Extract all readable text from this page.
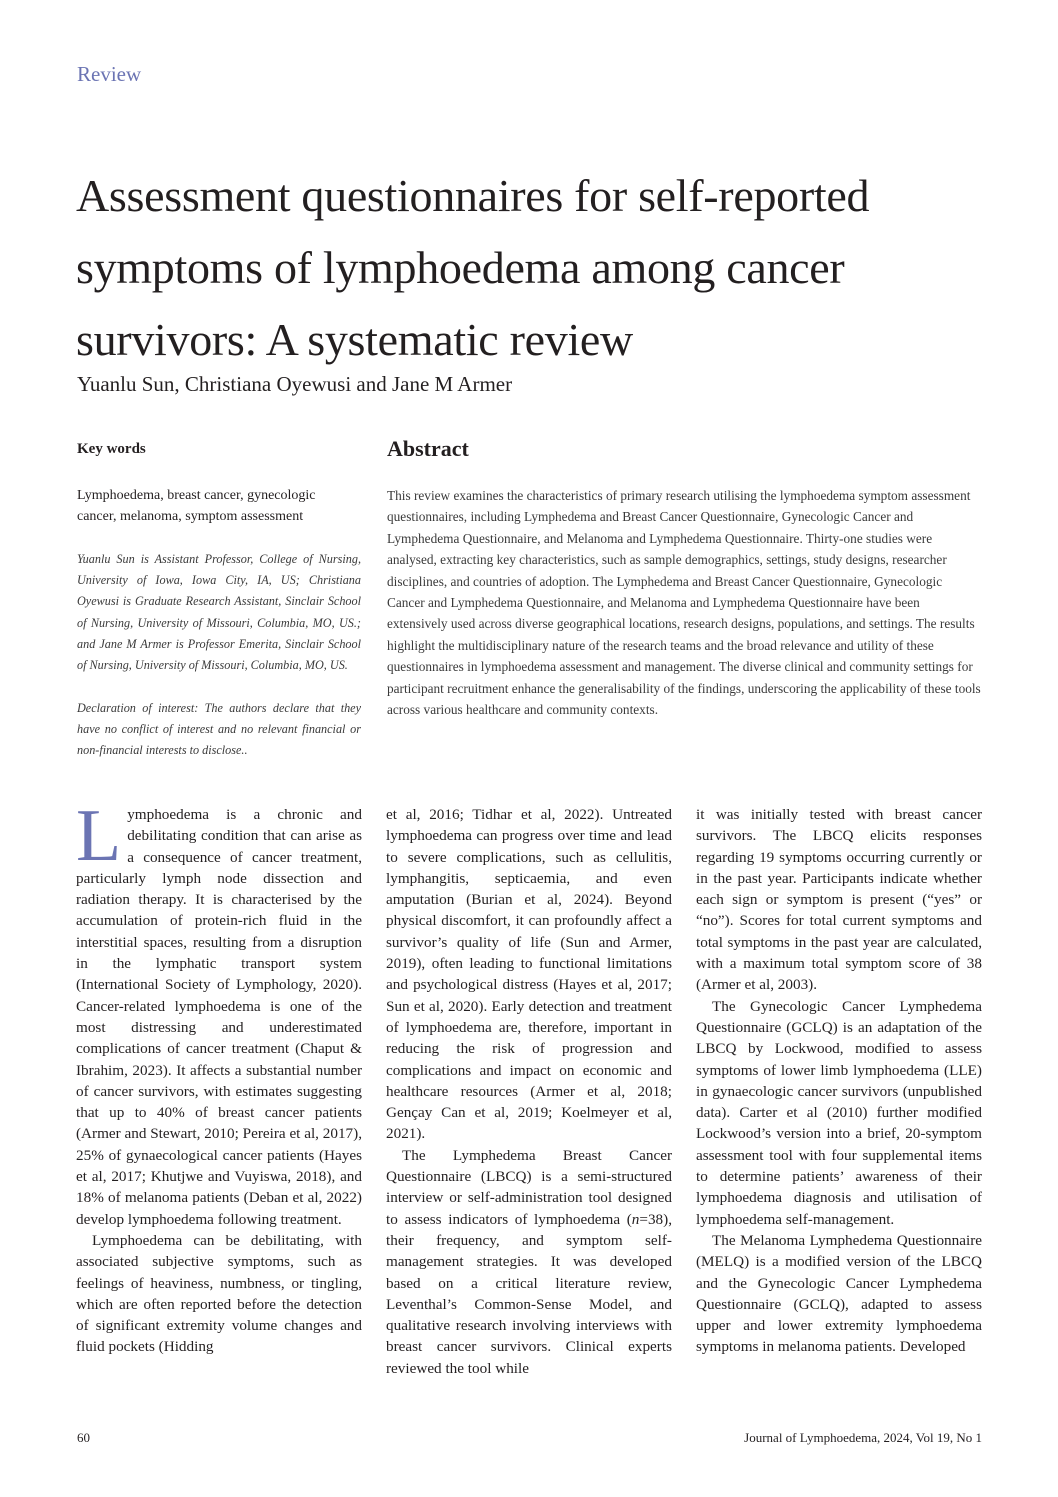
Review
Assessment questionnaires for self-reported symptoms of lymphoedema among cancer survivors: A systematic review
Yuanlu Sun, Christiana Oyewusi and Jane M Armer
Key words
Lymphoedema, breast cancer, gynecologic cancer, melanoma, symptom assessment
Yuanlu Sun is Assistant Professor, College of Nursing, University of Iowa, Iowa City, IA, US; Christiana Oyewusi is Graduate Research Assistant, Sinclair School of Nursing, University of Missouri, Columbia, MO, US.; and Jane M Armer is Professor Emerita, Sinclair School of Nursing, University of Missouri, Columbia, MO, US.
Declaration of interest: The authors declare that they have no conflict of interest and no relevant financial or non-financial interests to disclose..
Abstract
This review examines the characteristics of primary research utilising the lymphoedema symptom assessment questionnaires, including Lymphedema and Breast Cancer Questionnaire, Gynecologic Cancer and Lymphedema Questionnaire, and Melanoma and Lymphedema Questionnaire. Thirty-one studies were analysed, extracting key characteristics, such as sample demographics, settings, study designs, researcher disciplines, and countries of adoption. The Lymphedema and Breast Cancer Questionnaire, Gynecologic Cancer and Lymphedema Questionnaire, and Melanoma and Lymphedema Questionnaire have been extensively used across diverse geographical locations, research designs, populations, and settings. The results highlight the multidisciplinary nature of the research teams and the broad relevance and utility of these questionnaires in lymphoedema assessment and management. The diverse clinical and community settings for participant recruitment enhance the generalisability of the findings, underscoring the applicability of these tools across various healthcare and community contexts.

Lymphoedema is a chronic and debilitating condition that can arise as a consequence of cancer treatment, particularly lymph node dissection and radiation therapy. It is characterised by the accumulation of protein-rich fluid in the interstitial spaces, resulting from a disruption in the lymphatic transport system (International Society of Lymphology, 2020). Cancer-related lymphoedema is one of the most distressing and underestimated complications of cancer treatment (Chaput & Ibrahim, 2023). It affects a substantial number of cancer survivors, with estimates suggesting that up to 40% of breast cancer patients (Armer and Stewart, 2010; Pereira et al, 2017), 25% of gynaecological cancer patients (Hayes et al, 2017; Khutjwe and Vuyiswa, 2018), and 18% of melanoma patients (Deban et al, 2022) develop lymphoedema following treatment.

Lymphoedema can be debilitating, with associated subjective symptoms, such as feelings of heaviness, numbness, or tingling, which are often reported before the detection of significant extremity volume changes and fluid pockets (Hidding

et al, 2016; Tidhar et al, 2022). Untreated lymphoedema can progress over time and lead to severe complications, such as cellulitis, lymphangitis, septicaemia, and even amputation (Burian et al, 2024). Beyond physical discomfort, it can profoundly affect a survivor’s quality of life (Sun and Armer, 2019), often leading to functional limitations and psychological distress (Hayes et al, 2017; Sun et al, 2020). Early detection and treatment of lymphoedema are, therefore, important in reducing the risk of progression and complications and impact on economic and healthcare resources (Armer et al, 2018; Gençay Can et al, 2019; Koelmeyer et al, 2021).

The Lymphedema Breast Cancer Questionnaire (LBCQ) is a semi-structured interview or self-administration tool designed to assess indicators of lymphoedema (n=38), their frequency, and symptom self-management strategies. It was developed based on a critical literature review, Leventhal’s Common-Sense Model, and qualitative research involving interviews with breast cancer survivors. Clinical experts reviewed the tool while

it was initially tested with breast cancer survivors. The LBCQ elicits responses regarding 19 symptoms occurring currently or in the past year. Participants indicate whether each sign or symptom is present (“yes” or “no”). Scores for total current symptoms and total symptoms in the past year are calculated, with a maximum total symptom score of 38 (Armer et al, 2003).

The Gynecologic Cancer Lymphedema Questionnaire (GCLQ) is an adaptation of the LBCQ by Lockwood, modified to assess symptoms of lower limb lymphoedema (LLE) in gynaecologic cancer survivors (unpublished data). Carter et al (2010) further modified Lockwood’s version into a brief, 20-symptom assessment tool with four supplemental items to determine patients’ awareness of their lymphoedema diagnosis and utilisation of lymphoedema self-management.

The Melanoma Lymphedema Questionnaire (MELQ) is a modified version of the LBCQ and the Gynecologic Cancer Lymphedema Questionnaire (GCLQ), adapted to assess upper and lower extremity lymphoedema symptoms in melanoma patients. Developed

60	Journal of Lymphoedema, 2024, Vol 19, No 1
